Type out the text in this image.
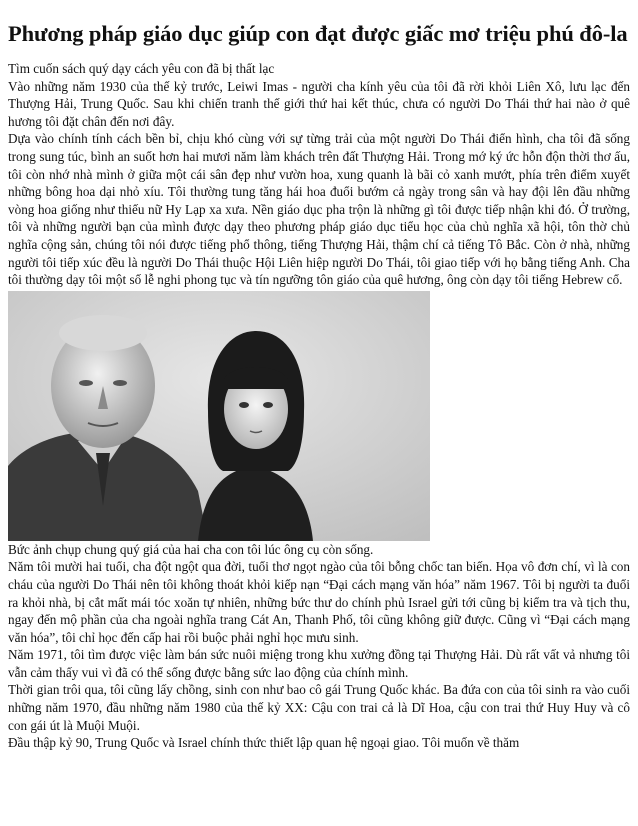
Phương pháp giáo dục giúp con đạt được giấc mơ triệu phú đô-la

Tìm cuốn sách quý dạy cách yêu con đã bị thất lạc

Vào những năm 1930 của thế kỷ trước, Leiwi Imas - người cha kính yêu của tôi đã rời khỏi Liên Xô, lưu lạc đến Thượng Hải, Trung Quốc. Sau khi chiến tranh thế giới thứ hai kết thúc, chưa có người Do Thái thứ hai nào ở quê hương tôi đặt chân đến nơi đây.

Dựa vào chính tính cách bền bỉ, chịu khó cùng với sự từng trải của một người Do Thái điển hình, cha tôi đã sống trong sung túc, bình an suốt hơn hai mươi năm làm khách trên đất Thượng Hải. Trong mớ ký ức hỗn độn thời thơ ấu, tôi còn nhớ nhà mình ở giữa một cái sân đẹp như vườn hoa, xung quanh là bãi cỏ xanh mướt, phía trên điểm xuyết những bông hoa dại nhỏ xíu. Tôi thường tung tăng hái hoa đuổi bướm cả ngày trong sân và hay đội lên đầu những vòng hoa giống như thiếu nữ Hy Lạp xa xưa. Nền giáo dục pha trộn là những gì tôi được tiếp nhận khi đó. Ở trường, tôi và những người bạn của mình được dạy theo phương pháp giáo dục tiểu học của chủ nghĩa xã hội, tôn thờ chủ nghĩa cộng sản, chúng tôi nói được tiếng phổ thông, tiếng Thượng Hải, thậm chí cả tiếng Tô Bắc. Còn ở nhà, những người tôi tiếp xúc đều là người Do Thái thuộc Hội Liên hiệp người Do Thái, tôi giao tiếp với họ bằng tiếng Anh. Cha tôi thường dạy tôi một số lễ nghi phong tục và tín ngưỡng tôn giáo của quê hương, ông còn dạy tôi tiếng Hebrew cổ.

Bức ảnh chụp chung quý giá của hai cha con tôi lúc ông cụ còn sống.

Năm tôi mười hai tuổi, cha đột ngột qua đời, tuổi thơ ngọt ngào của tôi bỗng chốc tan biến. Họa vô đơn chí, vì là con cháu của người Do Thái nên tôi không thoát khỏi kiếp nạn “Đại cách mạng văn hóa” năm 1967. Tôi bị người ta đuổi ra khỏi nhà, bị cắt mất mái tóc xoăn tự nhiên, những bức thư do chính phủ Israel gửi tới cũng bị kiểm tra và tịch thu, ngay đến mộ phần của cha ngoài nghĩa trang Cát An, Thanh Phố, tôi cũng không giữ được. Cũng vì “Đại cách mạng văn hóa”, tôi chỉ học đến cấp hai rồi buộc phải nghỉ học mưu sinh.

Năm 1971, tôi tìm được việc làm bán sức nuôi miệng trong khu xưởng đồng tại Thượng Hải. Dù rất vất vả nhưng tôi vẫn cảm thấy vui vì đã có thể sống được bằng sức lao động của chính mình.

Thời gian trôi qua, tôi cũng lấy chồng, sinh con như bao cô gái Trung Quốc khác. Ba đứa con của tôi sinh ra vào cuối những năm 1970, đầu những năm 1980 của thế kỷ XX: Cậu con trai cả là Dĩ Hoa, cậu con trai thứ Huy Huy và cô con gái út là Muội Muội.

Đầu thập kỷ 90, Trung Quốc và Israel chính thức thiết lập quan hệ ngoại giao. Tôi muốn về thăm
